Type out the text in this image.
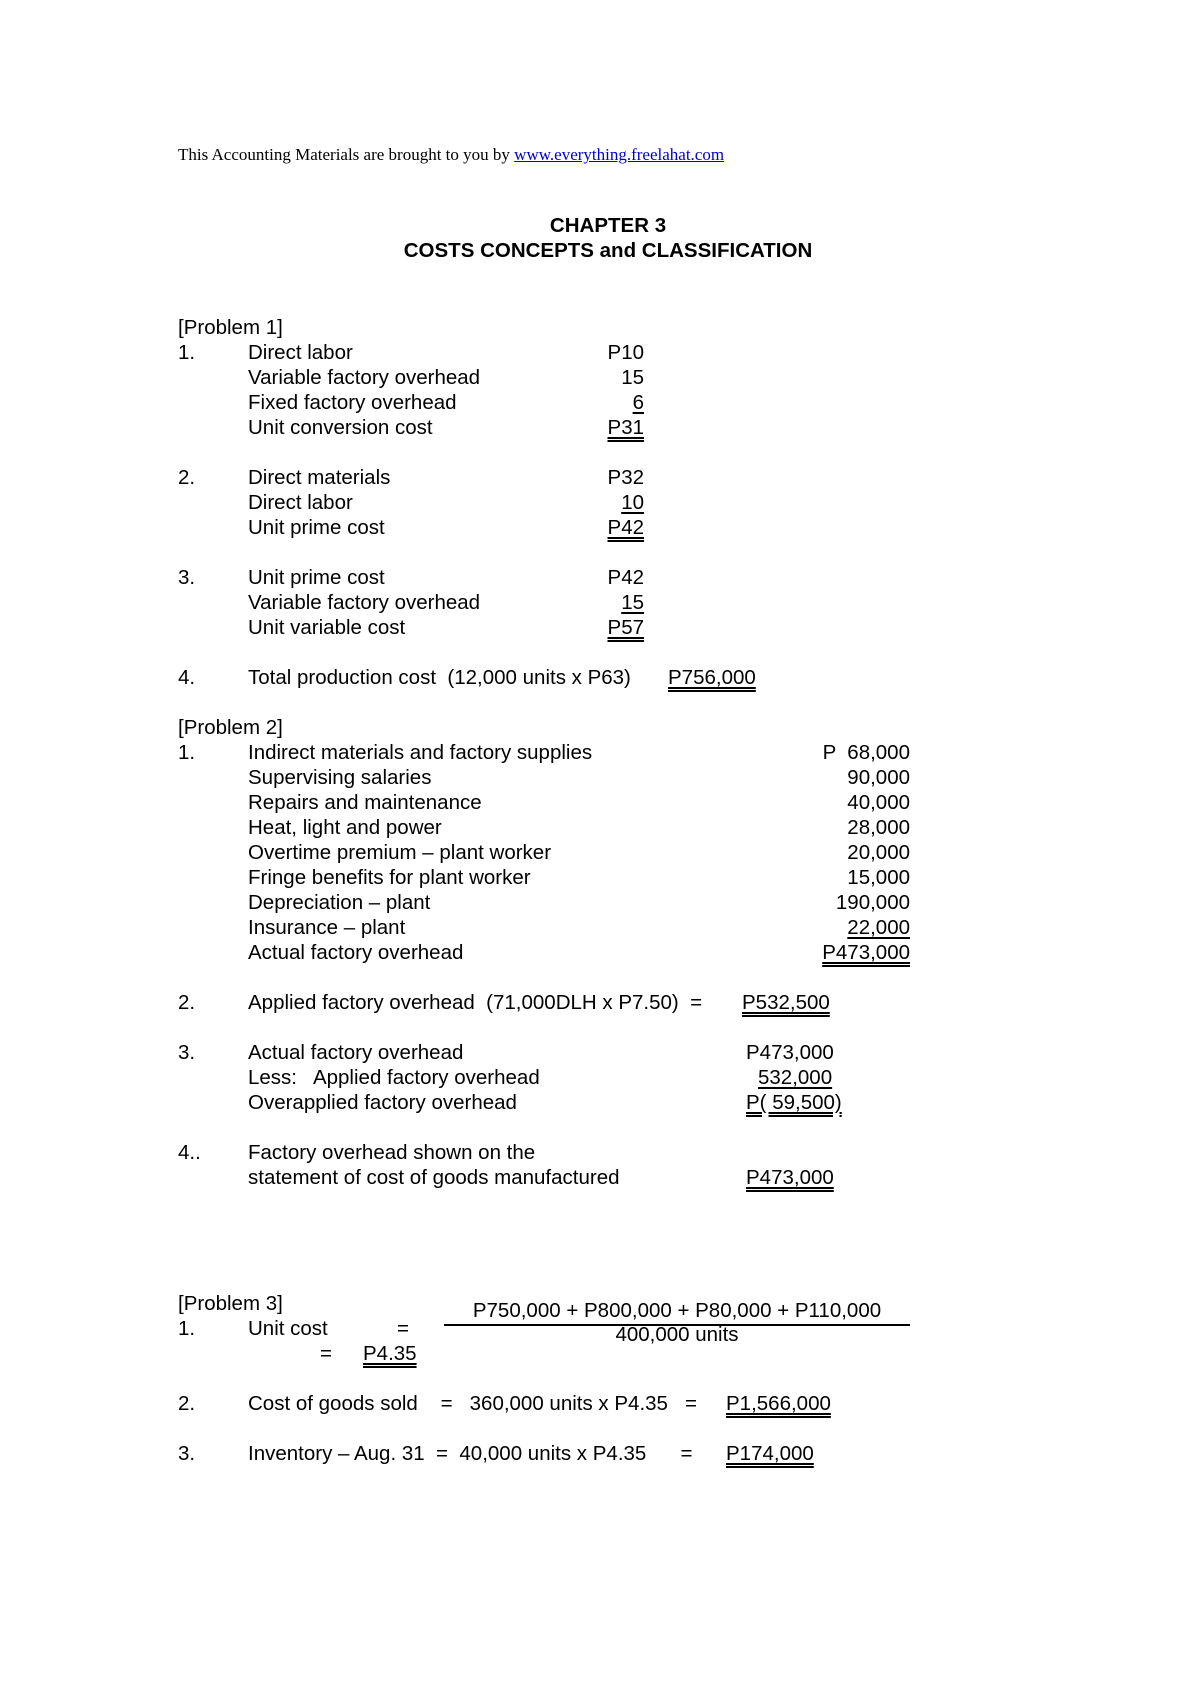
This Accounting Materials are brought to you by www.everything.freelahat.com
CHAPTER 3
COSTS CONCEPTS and CLASSIFICATION
[Problem 1]
1.	Direct labor	P10
Variable factory overhead	15
Fixed factory overhead	6
Unit conversion cost	P31
2.	Direct materials	P32
Direct labor	10
Unit prime cost	P42
3.	Unit prime cost	P42
Variable factory overhead	15
Unit variable cost	P57
4.	Total production cost  (12,000 units x P63) P756,000
[Problem 2]
1.	Indirect materials and factory supplies	P  68,000
Supervising salaries	90,000
Repairs and maintenance	40,000
Heat, light and power	28,000
Overtime premium – plant worker	20,000
Fringe benefits for plant worker	15,000
Depreciation – plant	190,000
Insurance – plant	22,000
Actual factory overhead	P473,000
2.	Applied factory overhead  (71,000DLH x P7.50)  = P532,500
3.	Actual factory overhead	P473,000
Less:   Applied factory overhead	532,000
Overapplied factory overhead	P( 59,500)
4.. Factory overhead shown on the
statement of cost of goods manufactured	P473,000
[Problem 3]
1.	Unit cost	=
P750,000 + P800,000 + P80,000 + P110,000
400,000 units
= P4.35
2.	Cost of goods sold    =   360,000 units x P4.35   = P1,566,000
3.	Inventory – Aug. 31  =  40,000 units x P4.35      = P174,000
